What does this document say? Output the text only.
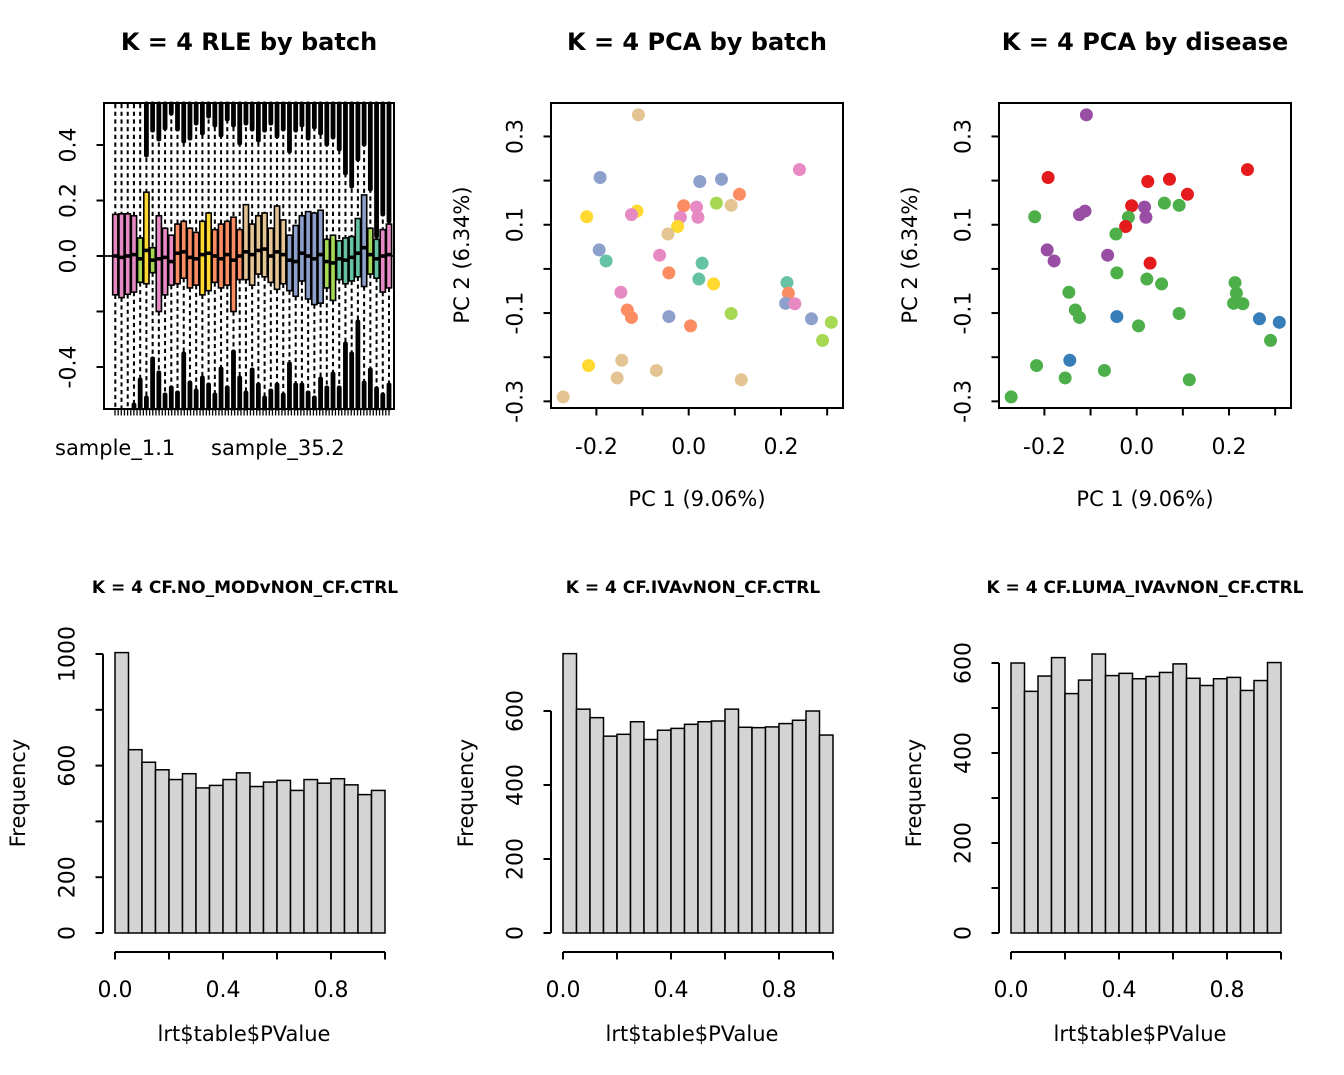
0.4
0.2
0.0
-0.4
-0.2 0.0	0.2
0.3
0.1
-0.1
-0.3
-0.2 0.0	0.2
0.3
0.1
-0.1
-0.3
0
200
600
1000
0.0	0.4	0.8
0
200
400
600
0.0	0.4	0.8
0
200
400
600
0.0	0.4	0.8
K = 4 RLE by batch	K = 4 PCA by batch	K = 4 PCA by disease
K = 4 CF.NO_MODvNON_CF.CTRL	K = 4 CF.IVAvNON_CF.CTRL	K = 4 CF.LUMA_IVAvNON_CF.CTRL
sample_1.1 sample_35.2
PC 2 (6.34%)	PC 2 (6.34%)
PC 1 (9.06%)	PC 1 (9.06%)
Frequency	Frequency	Frequency
lrt$table$PValue	lrt$table$PValue	lrt$table$PValue
